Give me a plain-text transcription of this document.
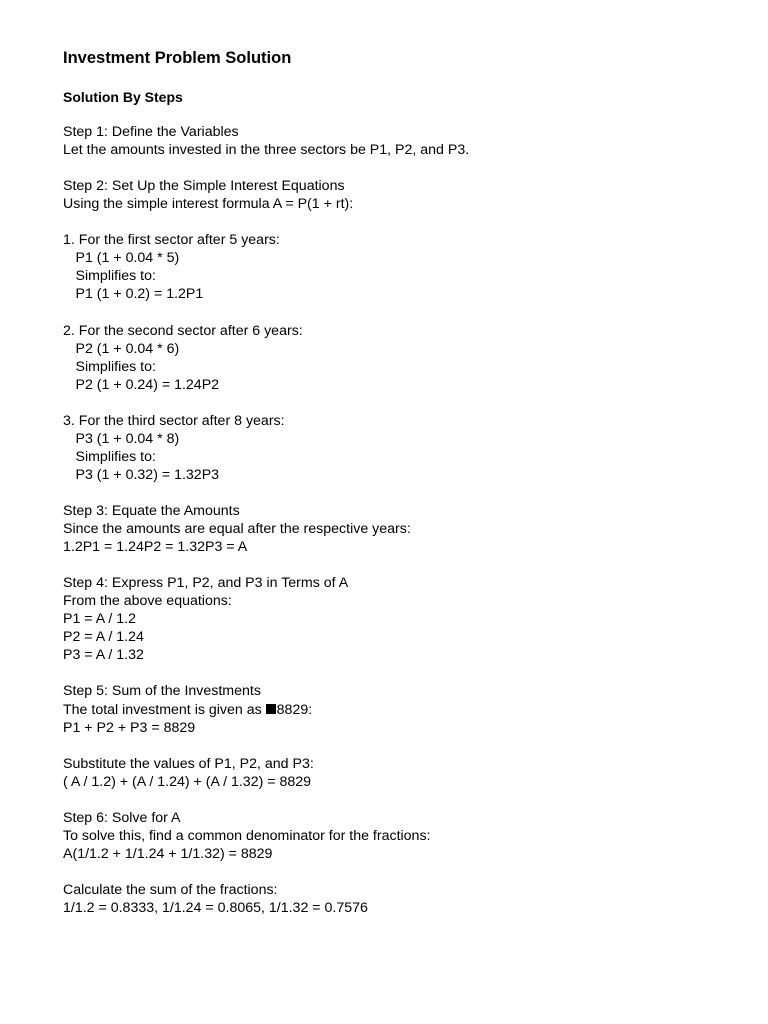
Investment Problem Solution
Solution By Steps
Step 1: Define the Variables
Let the amounts invested in the three sectors be P1, P2, and P3.
Step 2: Set Up the Simple Interest Equations
Using the simple interest formula A = P(1 + rt):
1. For the first sector after 5 years:
P1 (1 + 0.04 * 5)
Simplifies to:
P1 (1 + 0.2) = 1.2P1
2. For the second sector after 6 years:
P2 (1 + 0.04 * 6)
Simplifies to:
P2 (1 + 0.24) = 1.24P2
3. For the third sector after 8 years:
P3 (1 + 0.04 * 8)
Simplifies to:
P3 (1 + 0.32) = 1.32P3
Step 3: Equate the Amounts
Since the amounts are equal after the respective years:
1.2P1 = 1.24P2 = 1.32P3 = A
Step 4: Express P1, P2, and P3 in Terms of A
From the above equations:
P1 = A / 1.2
P2 = A / 1.24
P3 = A / 1.32
Step 5: Sum of the Investments
The total investment is given as 8829:
P1 + P2 + P3 = 8829
Substitute the values of P1, P2, and P3:
( A / 1.2) + (A / 1.24) + (A / 1.32) = 8829
Step 6: Solve for A
To solve this, find a common denominator for the fractions:
A(1/1.2 + 1/1.24 + 1/1.32) = 8829
Calculate the sum of the fractions:
1/1.2 = 0.8333, 1/1.24 = 0.8065, 1/1.32 = 0.7576
